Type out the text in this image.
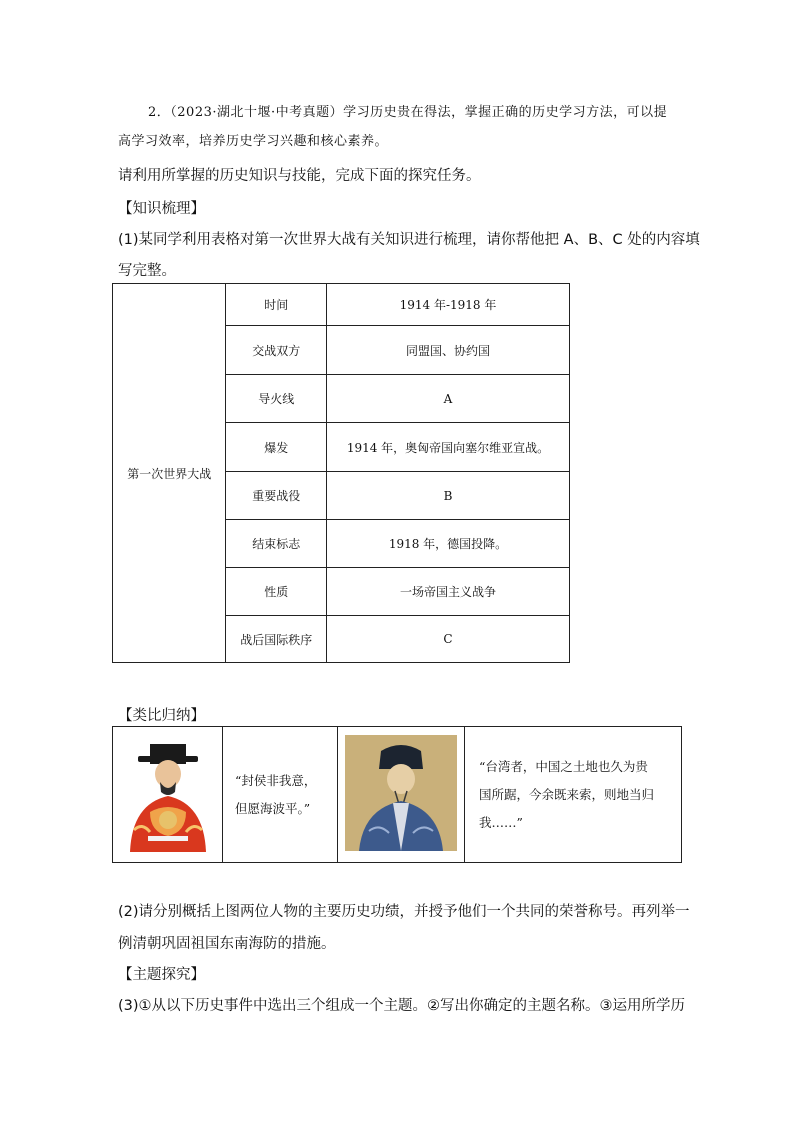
2．（2023·湖北十堰·中考真题）学习历史贵在得法，掌握正确的历史学习方法，可以提
高学习效率，培养历史学习兴趣和核心素养。
请利用所掌握的历史知识与技能，完成下面的探究任务。
【知识梳理】
(1)某同学利用表格对第一次世界大战有关知识进行梳理，请你帮他把 A、B、C 处的内容填
写完整。
第一次世界大战	时间	1914 年-1918 年
	交战双方	同盟国、协约国
	导火线	A
	爆发	1914 年，奥匈帝国向塞尔维亚宣战。
	重要战役	B
	结束标志	1918 年，德国投降。
	性质	一场帝国主义战争
	战后国际秩序	C
【类比归纳】

“封侯非我意，
但愿海波平。”

“台湾者，中国之土地也久为贵
国所踞，今余既来索，则地当归
我……”
(2)请分别概括上图两位人物的主要历史功绩，并授予他们一个共同的荣誉称号。再列举一
例清朝巩固祖国东南海防的措施。
【主题探究】
(3)①从以下历史事件中选出三个组成一个主题。②写出你确定的主题名称。③运用所学历
